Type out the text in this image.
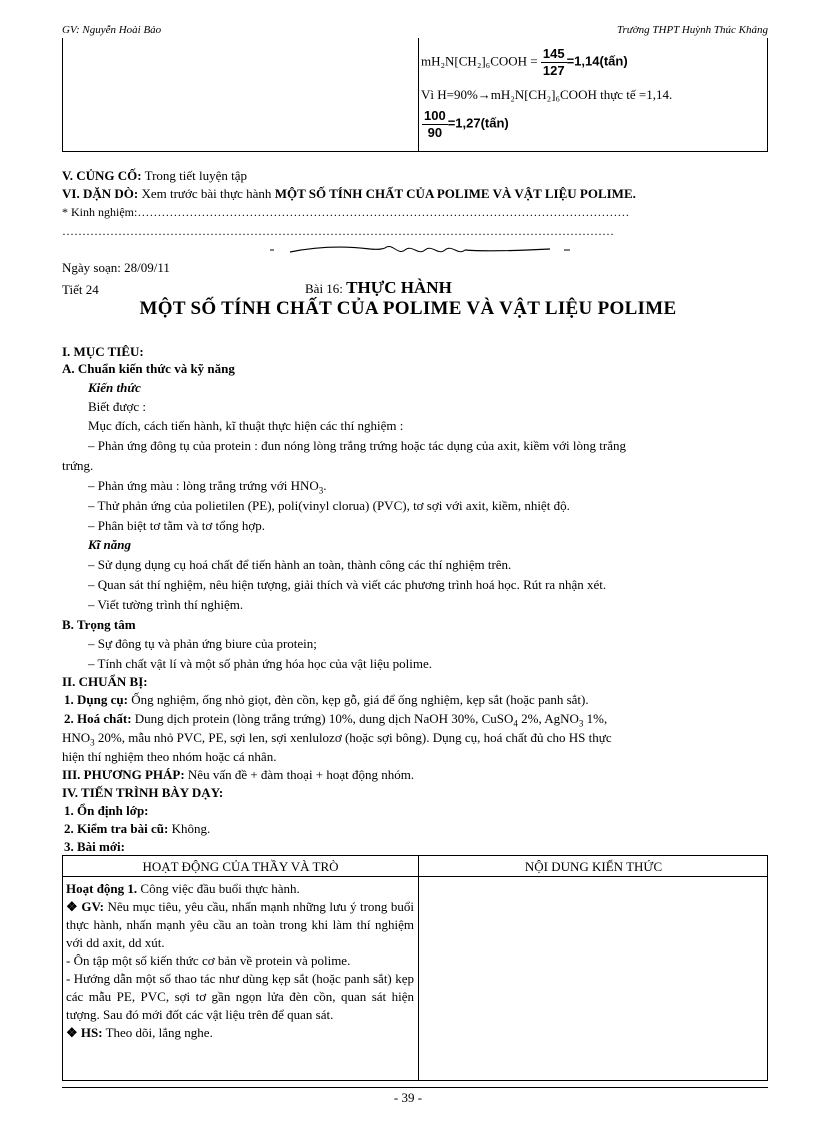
GV: Nguyễn Hoài Bảo	Trường THPT Huỳnh Thúc Kháng
mH₂N[CH₂]₆COOH = $\frac{145}{127}$ =1,14(tấn)
Vì H=90%→mH₂N[CH₂]₆COOH thực tế =1,14.
$\frac{100}{90}$ =1,27(tấn)
V. CỦNG CỐ: Trong tiết luyện tập
VI. DẶN DÒ: Xem trước bài thực hành MỘT SỐ TÍNH CHẤT CỦA POLIME VÀ VẬT LIỆU POLIME.
* Kinh nghiệm:……………………………………………………………………………………………………………
…………………………………………………………………………………………………………………………
Ngày soạn: 28/09/11
Tiết 24	Bài 16: THỰC HÀNH
MỘT SỐ TÍNH CHẤT CỦA POLIME VÀ VẬT LIỆU POLIME
I. MỤC TIÊU:
A. Chuẩn kiến thức và kỹ năng
Kiến thức
Biết được :
Mục đích, cách tiến hành, kĩ thuật thực hiện các thí nghiệm :
– Phản ứng đông tụ của protein : đun nóng lòng trắng trứng hoặc tác dụng của axit, kiềm với lòng trắng
trứng.
– Phản ứng màu : lòng trắng trứng với $HNO_3$.
– Thử phản ứng của polietilen (PE), poli(vinyl clorua) (PVC), tơ sợi với axit, kiềm, nhiệt độ.
– Phân biệt tơ tằm và tơ tổng hợp.
Kĩ năng
– Sử dụng dụng cụ hoá chất để tiến hành an toàn, thành công các thí nghiệm trên.
– Quan sát thí nghiệm, nêu hiện tượng, giải thích và viết các phương trình hoá học. Rút ra nhận xét.
– Viết tường trình thí nghiệm.
B. Trọng tâm
– Sự đông tụ và phản ứng biure của protein;
– Tính chất vật lí và một số phản ứng hóa học của vật liệu polime.
II. CHUẨN BỊ:
1. Dụng cụ: Ống nghiệm, ống nhỏ giọt, đèn cồn, kẹp gỗ, giá để ống nghiệm, kẹp sắt (hoặc panh sắt).
2. Hoá chất: Dung dịch protein (lòng trắng trứng) 10%, dung dịch NaOH 30%, CuSO$_4$ 2%, AgNO$_3$ 1%,
$HNO_3$ 20%, mẫu nhỏ PVC, PE, sợi len, sợi xenlulozơ (hoặc sợi bông). Dụng cụ, hoá chất đủ cho HS thực
hiện thí nghiệm theo nhóm hoặc cá nhân.
III. PHƯƠNG PHÁP: Nêu vấn đề + đàm thoại + hoạt động nhóm.
IV. TIẾN TRÌNH BÀY DẠY:
1. Ổn định lớp:
2. Kiểm tra bài cũ: Không.
3. Bài mới:
HOẠT ĐỘNG CỦA THẦY VÀ TRÒ	NỘI DUNG KIẾN THỨC
Hoạt động 1. Công việc đầu buổi thực hành.
❖ GV: Nêu mục tiêu, yêu cầu, nhấn mạnh những lưu ý trong buổi thực hành, nhấn mạnh yêu cầu an toàn trong khi làm thí nghiệm với dd axit, dd xút.
- Ôn tập một số kiến thức cơ bản về protein và polime.
- Hướng dẫn một số thao tác như dùng kẹp sắt (hoặc panh sắt) kẹp các mẫu PE, PVC, sợi tơ gần ngọn lửa đèn cồn, quan sát hiện tượng. Sau đó mới đốt các vật liệu trên để quan sát.
❖ HS: Theo dõi, lắng nghe.
- 39 -
